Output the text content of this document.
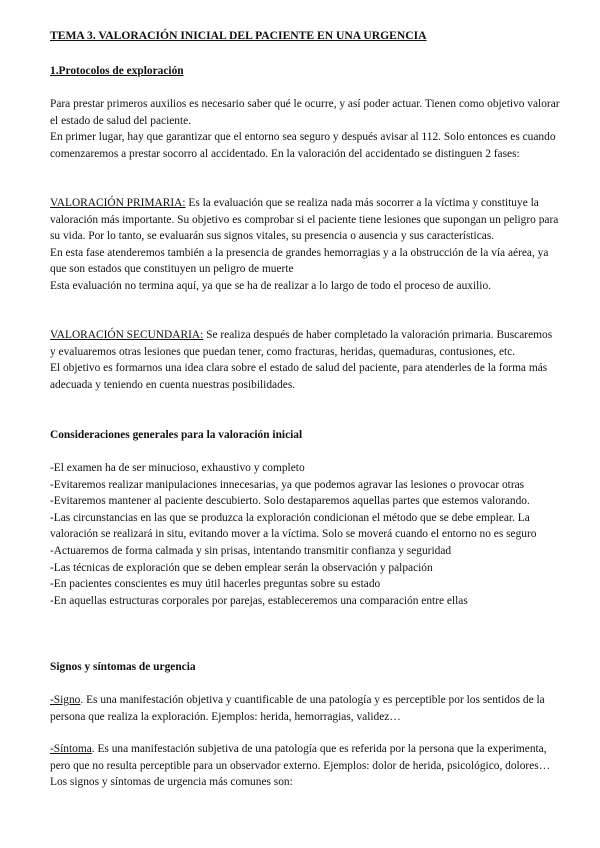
TEMA 3. VALORACIÓN INICIAL DEL PACIENTE EN UNA URGENCIA

1.Protocolos de exploración

Para prestar primeros auxilios es necesario saber qué le ocurre, y así poder actuar. Tienen como objetivo valorar el estado de salud del paciente.

En primer lugar, hay que garantizar que el entorno sea seguro y después avisar al 112. Solo entonces es cuando comenzaremos a prestar socorro al accidentado. En la valoración del accidentado se distinguen 2 fases:

VALORACIÓN PRIMARIA: Es la evaluación que se realiza nada más socorrer a la víctima y constituye la valoración más importante. Su objetivo es comprobar si el paciente tiene lesiones que supongan un peligro para su vida. Por lo tanto, se evaluarán sus signos vitales, su presencia o ausencia y sus características.

En esta fase atenderemos también a la presencia de grandes hemorragias y a la obstrucción de la vía aérea, ya que son estados que constituyen un peligro de muerte

Esta evaluación no termina aquí, ya que se ha de realizar a lo largo de todo el proceso de auxilio.

VALORACIÓN SECUNDARIA: Se realiza después de haber completado la valoración primaria. Buscaremos y evaluaremos otras lesiones que puedan tener, como fracturas, heridas, quemaduras, contusiones, etc.

El objetivo es formarnos una idea clara sobre el estado de salud del paciente, para atenderles de la forma más adecuada y teniendo en cuenta nuestras posibilidades.

Consideraciones generales para la valoración inicial

-El examen ha de ser minucioso, exhaustivo y completo

-Evitaremos realizar manipulaciones innecesarias, ya que podemos agravar las lesiones o provocar otras

-Evitaremos mantener al paciente descubierto. Solo destaparemos aquellas partes que estemos valorando.

-Las circunstancias en las que se produzca la exploración condicionan el método que se debe emplear. La valoración se realizará in situ, evitando mover a la víctima. Solo se moverá cuando el entorno no es seguro

-Actuaremos de forma calmada y sin prisas, intentando transmitir confianza y seguridad

-Las técnicas de exploración que se deben emplear serán la observación y palpación

-En pacientes conscientes es muy útil hacerles preguntas sobre su estado

-En aquellas estructuras corporales por parejas, estableceremos una comparación entre ellas

Signos y síntomas de urgencia

-Signo. Es una manifestación objetiva y cuantificable de una patología y es perceptible por los sentidos de la persona que realiza la exploración. Ejemplos: herida, hemorragias, validez…

-Síntoma. Es una manifestación subjetiva de una patología que es referida por la persona que la experimenta, pero que no resulta perceptible para un observador externo. Ejemplos: dolor de herida, psicológico, dolores…

Los signos y síntomas de urgencia más comunes son:
